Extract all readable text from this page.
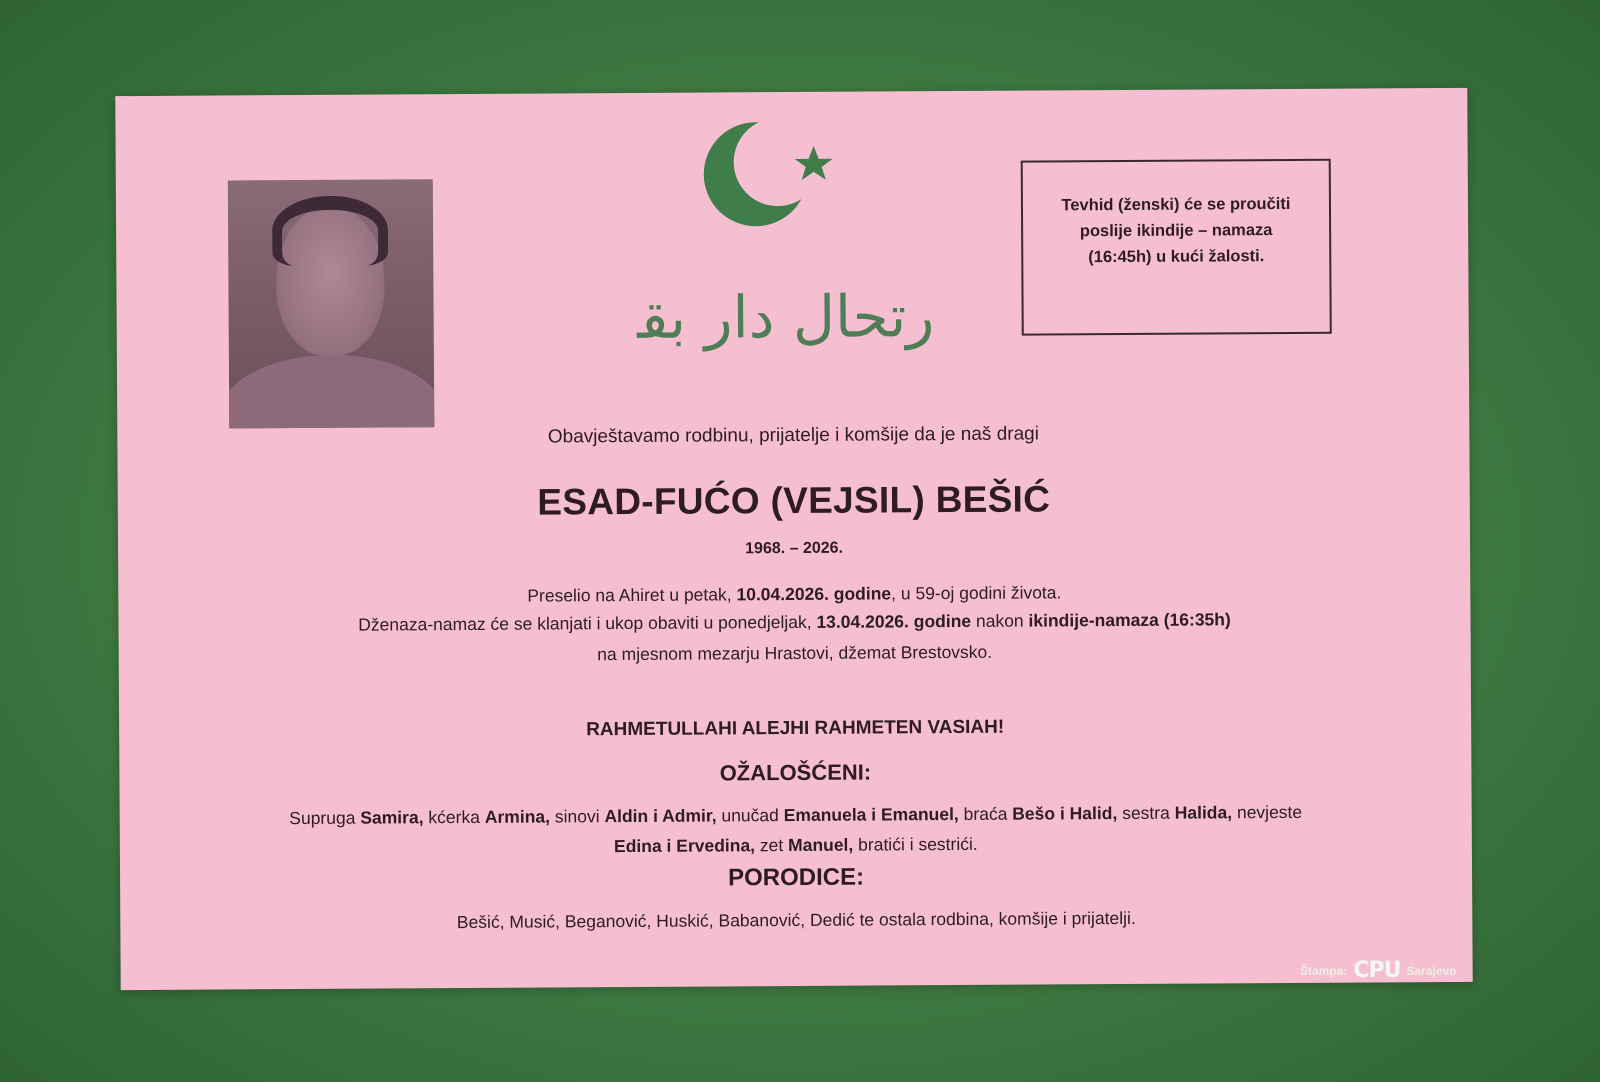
ارتحال دار بقا

Tevhid (ženski) će se proučiti poslije ikindije – namaza (16:45h) u kući žalosti.

Obavještavamo rodbinu, prijatelje i komšije da je naš dragi
ESAD-FUĆO (VEJSIL) BEŠIĆ
1968. – 2026.
Preselio na Ahiret u petak, 10.04.2026. godine, u 59-oj godini života.
Dženaza-namaz će se klanjati i ukop obaviti u ponedjeljak, 13.04.2026. godine nakon ikindije-namaza (16:35h)
na mjesnom mezarju Hrastovi, džemat Brestovsko.
RAHMETULLAHI ALEJHI RAHMETEN VASIAH!
OŽALOŠĆENI:
Supruga Samira, kćerka Armina, sinovi Aldin i Admir, unučad Emanuela i Emanuel, braća Bešo i Halid, sestra Halida, nevjeste Edina i Ervedina, zet Manuel, bratići i sestrići.
PORODICE:
Bešić, Musić, Beganović, Huskić, Babanović, Dedić te ostala rodbina, komšije i prijatelji.
Štampa: CPU Sarajevo
